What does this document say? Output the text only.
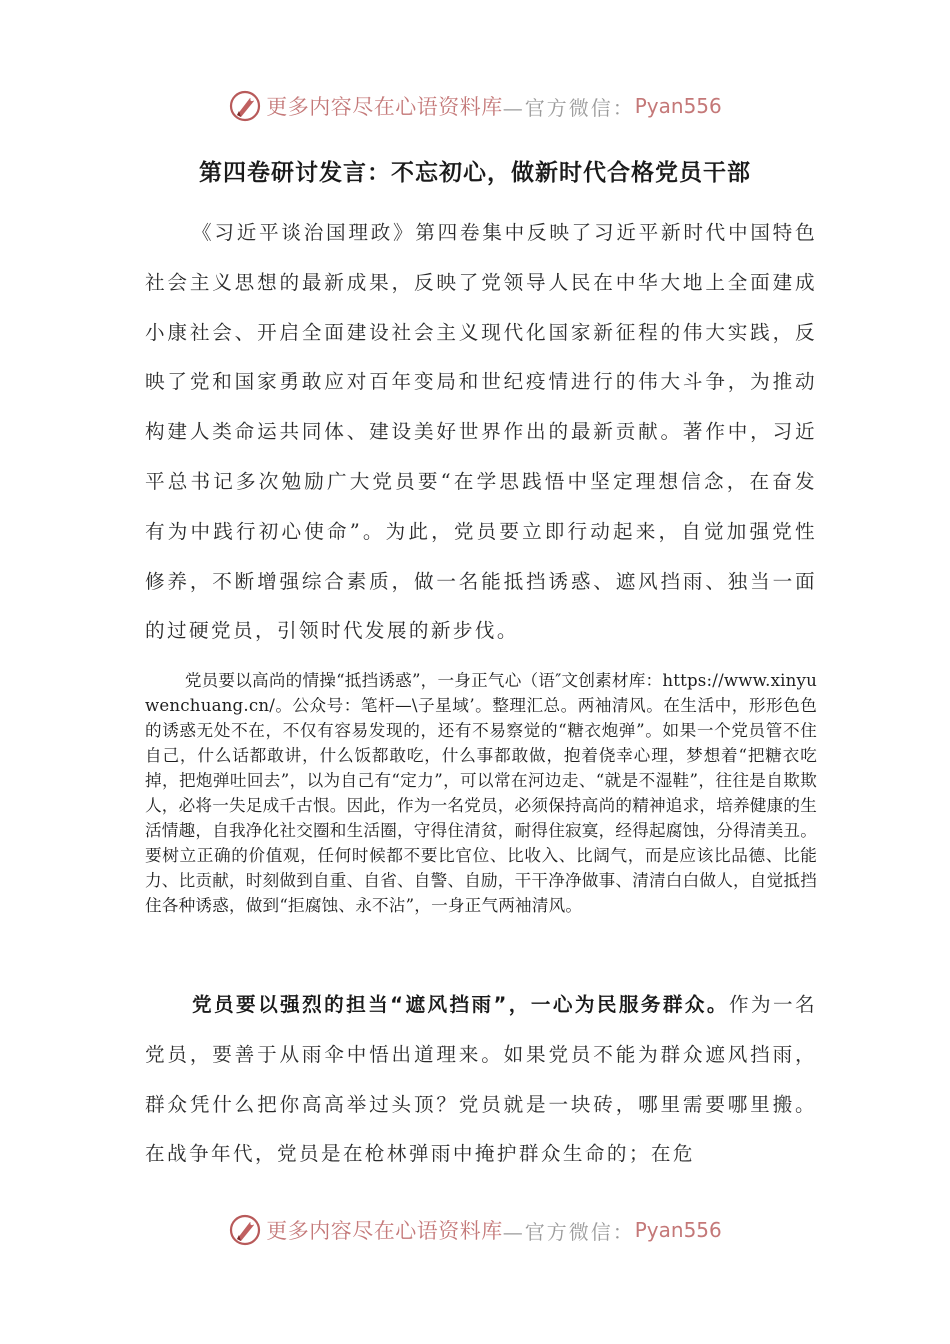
更多内容尽在心语资料库 —官方微信： Pyan556
第四卷研讨发言：不忘初心，做新时代合格党员干部

《习近平谈治国理政》第四卷集中反映了习近平新时代中国特色社会主义思想的最新成果，反映了党领导人民在中华大地上全面建成小康社会、开启全面建设社会主义现代化国家新征程的伟大实践，反映了党和国家勇敢应对百年变局和世纪疫情进行的伟大斗争，为推动构建人类命运共同体、建设美好世界作出的最新贡献。著作中，习近平总书记多次勉励广大党员要“在学思践悟中坚定理想信念，在奋发有为中践行初心使命”。为此，党员要立即行动起来，自觉加强党性修养，不断增强综合素质，做一名能抵挡诱惑、遮风挡雨、独当一面的过硬党员，引领时代发展的新步伐。

党员要以高尚的情操“抵挡诱惑”，一身正气心（语″文创素材库：https://www.xinyuwenchuang.cn/。公众号：笔杆—\子星域’。整理汇总。两袖清风。在生活中，形形色色的诱惑无处不在，不仅有容易发现的，还有不易察觉的“糖衣炮弹”。如果一个党员管不住自己，什么话都敢讲，什么饭都敢吃，什么事都敢做，抱着侥幸心理，梦想着“把糖衣吃掉，把炮弹吐回去”，以为自己有“定力”，可以常在河边走、“就是不湿鞋”，往往是自欺欺人，必将一失足成千古恨。因此，作为一名党员，必须保持高尚的精神追求，培养健康的生活情趣，自我净化社交圈和生活圈，守得住清贫，耐得住寂寞，经得起腐蚀，分得清美丑。要树立正确的价值观，任何时候都不要比官位、比收入、比阔气，而是应该比品德、比能力、比贡献，时刻做到自重、自省、自警、自励，干干净净做事、清清白白做人，自觉抵挡住各种诱惑，做到“拒腐蚀、永不沾”，一身正气两袖清风。

党员要以强烈的担当“遮风挡雨”，一心为民服务群众。作为一名党员，要善于从雨伞中悟出道理来。如果党员不能为群众遮风挡雨，群众凭什么把你高高举过头顶？党员就是一块砖，哪里需要哪里搬。在战争年代，党员是在枪林弹雨中掩护群众生命的；在危

更多内容尽在心语资料库 —官方微信： Pyan556
